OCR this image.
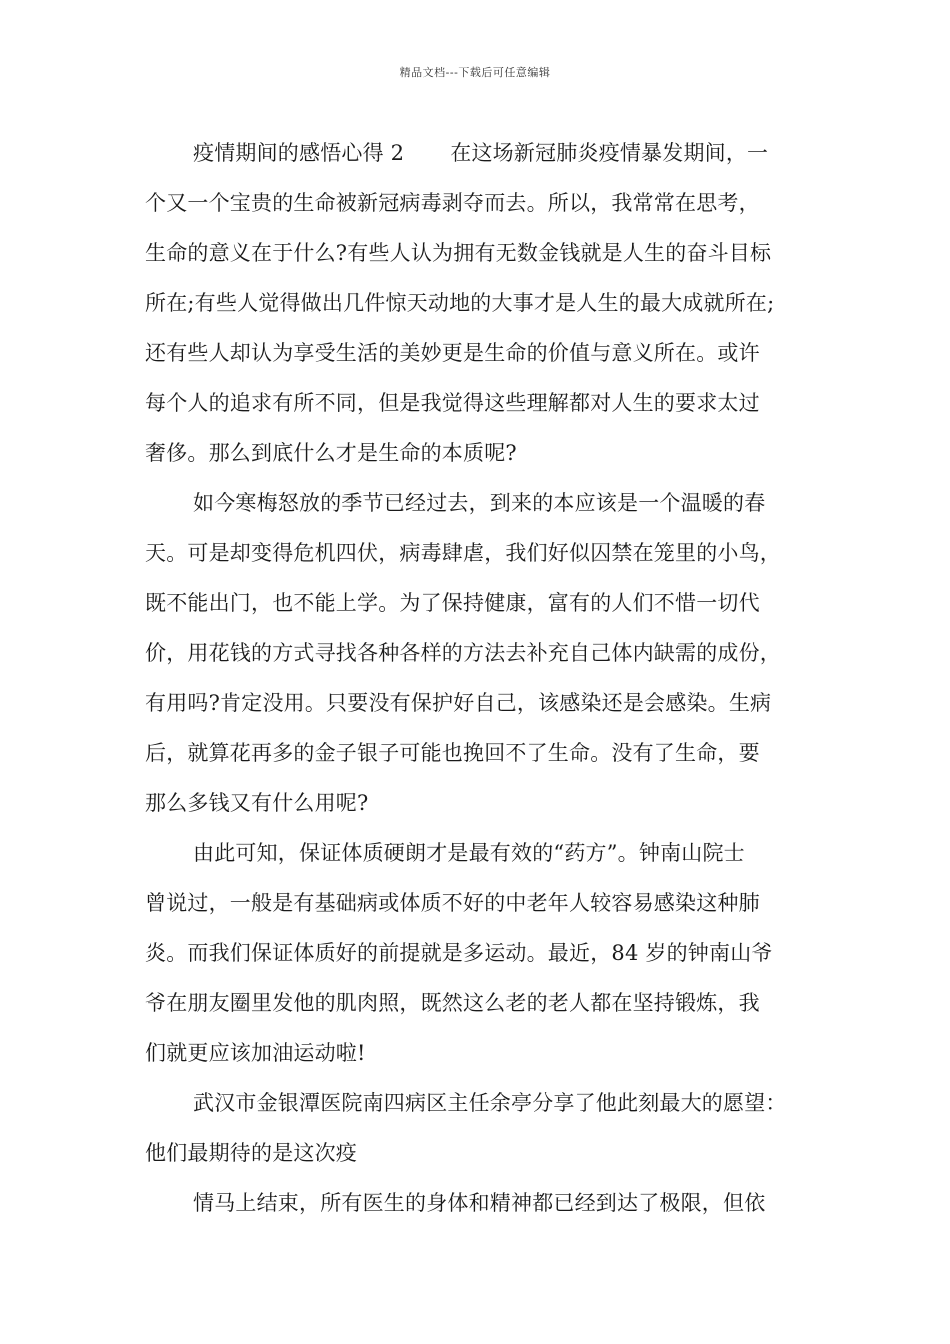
精品文档---下载后可任意编辑
疫情期间的感悟心得 2 在这场新冠肺炎疫情暴发期间，一
个又一个宝贵的生命被新冠病毒剥夺而去。所以，我常常在思考，
生命的意义在于什么?有些人认为拥有无数金钱就是人生的奋斗目标
所在;有些人觉得做出几件惊天动地的大事才是人生的最大成就所在;
还有些人却认为享受生活的美妙更是生命的价值与意义所在。或许
每个人的追求有所不同，但是我觉得这些理解都对人生的要求太过
奢侈。那么到底什么才是生命的本质呢?
如今寒梅怒放的季节已经过去，到来的本应该是一个温暖的春
天。可是却变得危机四伏，病毒肆虐，我们好似囚禁在笼里的小鸟，
既不能出门，也不能上学。为了保持健康，富有的人们不惜一切代
价，用花钱的方式寻找各种各样的方法去补充自己体内缺需的成份，
有用吗?肯定没用。只要没有保护好自己，该感染还是会感染。生病
后，就算花再多的金子银子可能也挽回不了生命。没有了生命，要
那么多钱又有什么用呢?
由此可知，保证体质硬朗才是最有效的“药方”。钟南山院士
曾说过，一般是有基础病或体质不好的中老年人较容易感染这种肺
炎。而我们保证体质好的前提就是多运动。最近，84 岁的钟南山爷
爷在朋友圈里发他的肌肉照，既然这么老的老人都在坚持锻炼，我
们就更应该加油运动啦!
武汉市金银潭医院南四病区主任余亭分享了他此刻最大的愿望：
他们最期待的是这次疫
情马上结束，所有医生的身体和精神都已经到达了极限，但依
